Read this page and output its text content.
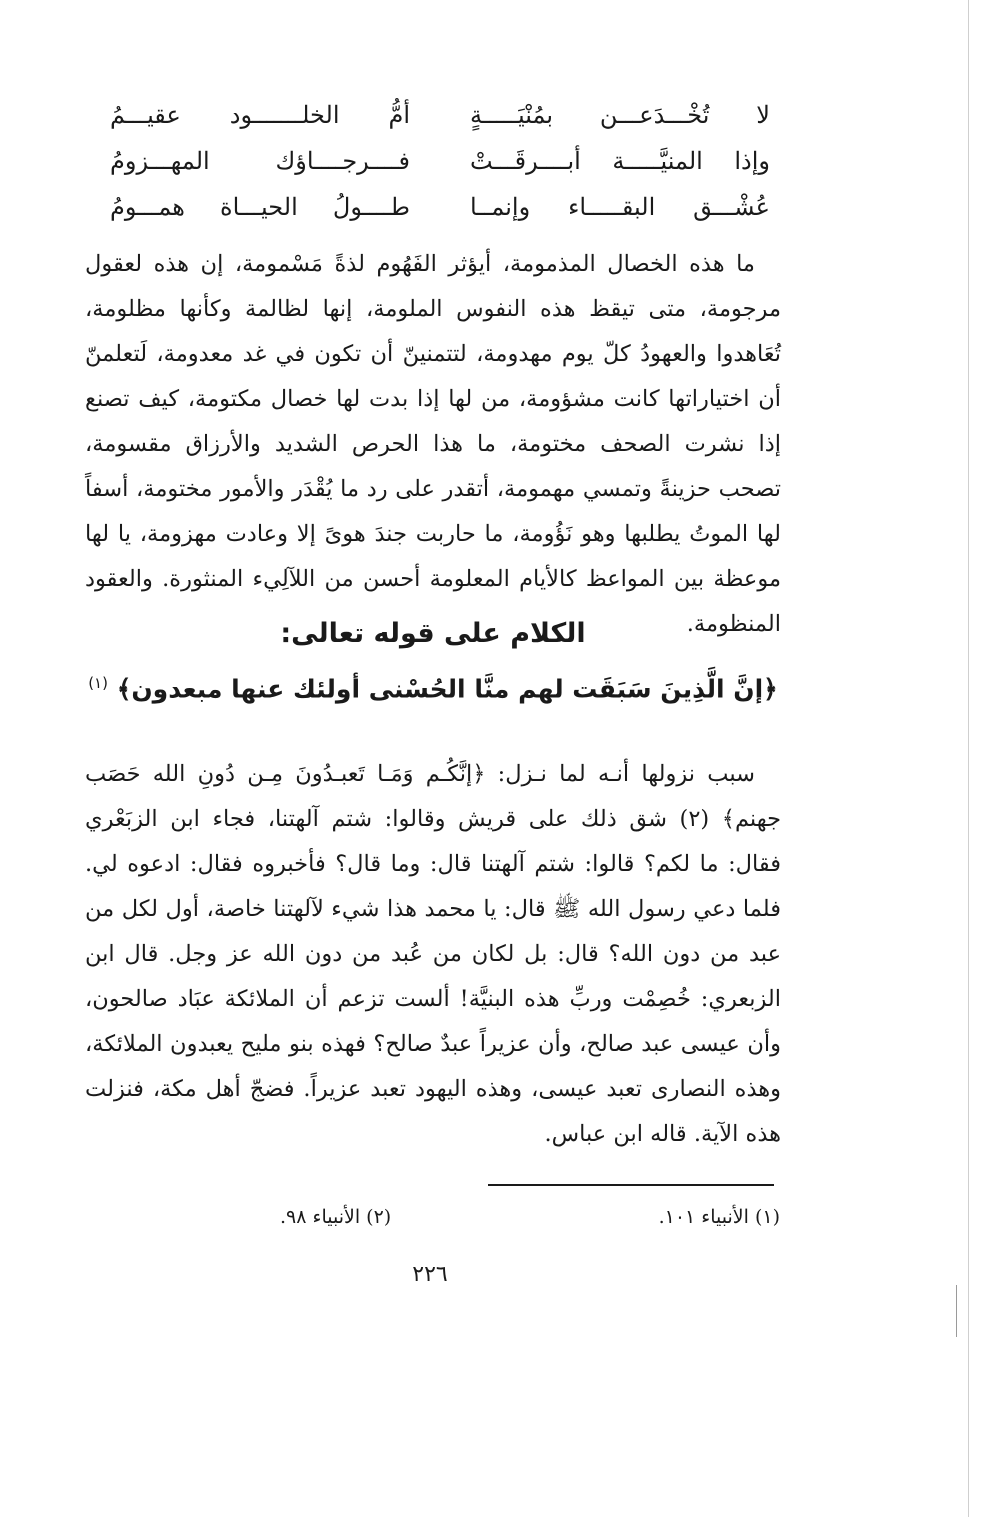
لا تُخْـــدَعـــن بمُنْيَـــــةٍ
أمُّ الخلـــــــود عقيـــمُ
وإذا المنيَّـــــة أبــــرقَـــتْ
فــــرجــــاؤك المهـــزومُ
عُشْـــق البقـــــاء وإنمــا
طــــولُ الحيـــاة همـــومُ
ما هذه الخصال المذمومة، أيؤثر الفَهُوم لذةً مَسْمومة، إن هذه لعقول مرجومة، متى تيقظ هذه النفوس الملومة، إنها لظالمة وكأنها مظلومة، تُعَاهدوا والعهودُ كلّ يوم مهدومة، لتتمنينّ أن تكون في غد معدومة، لَتعلمنّ أن اختياراتها كانت مشؤومة، من لها إذا بدت لها خصال مكتومة، كيف تصنع إذا نشرت الصحف مختومة، ما هذا الحرص الشديد والأرزاق مقسومة، تصحب حزينةً وتمسي مهمومة، أتقدر على رد ما يُقْدَر والأمور مختومة، أسفاً لها الموتُ يطلبها وهو نَؤُومة، ما حاربت جندَ هوىً إلا وعادت مهزومة، يا لها موعظة بين المواعظ كالأيام المعلومة أحسن من اللآلِيء المنثورة. والعقود المنظومة.
الكلام على قوله تعالى:
﴿إنَّ الَّذِينَ سَبَقَت لهم منَّا الحُسْنى أولئك عنها مبعدون﴾ $^{(١)}$
سبب نزولها أنـه لما نـزل: ﴿إنَّكُـم وَمَـا تَعبـدُونَ مِـن دُونِ الله حَصَب جهنم﴾ (٢) شق ذلك على قريش وقالوا: شتم آلهتنا، فجاء ابن الزبَعْري فقال: ما لكم؟ قالوا: شتم آلهتنا قال: وما قال؟ فأخبروه فقال: ادعوه لي. فلما دعي رسول الله ﷺ قال: يا محمد هذا شيء لآلهتنا خاصة، أول لكل من عبد من دون الله؟ قال: بل لكان من عُبد من دون الله عز وجل. قال ابن الزبعري: خُصِمْت وربِّ هذه البنيَّة! ألست تزعم أن الملائكة عبَاد صالحون، وأن عيسى عبد صالح، وأن عزيراً عبدٌ صالح؟ فهذه بنو مليح يعبدون الملائكة، وهذه النصارى تعبد عيسى، وهذه اليهود تعبد عزيراً. فضجّ أهل مكة، فنزلت هذه الآية. قاله ابن عباس.
(١) الأنبياء ١٠١.
(٢) الأنبياء ٩٨.
٢٢٦
